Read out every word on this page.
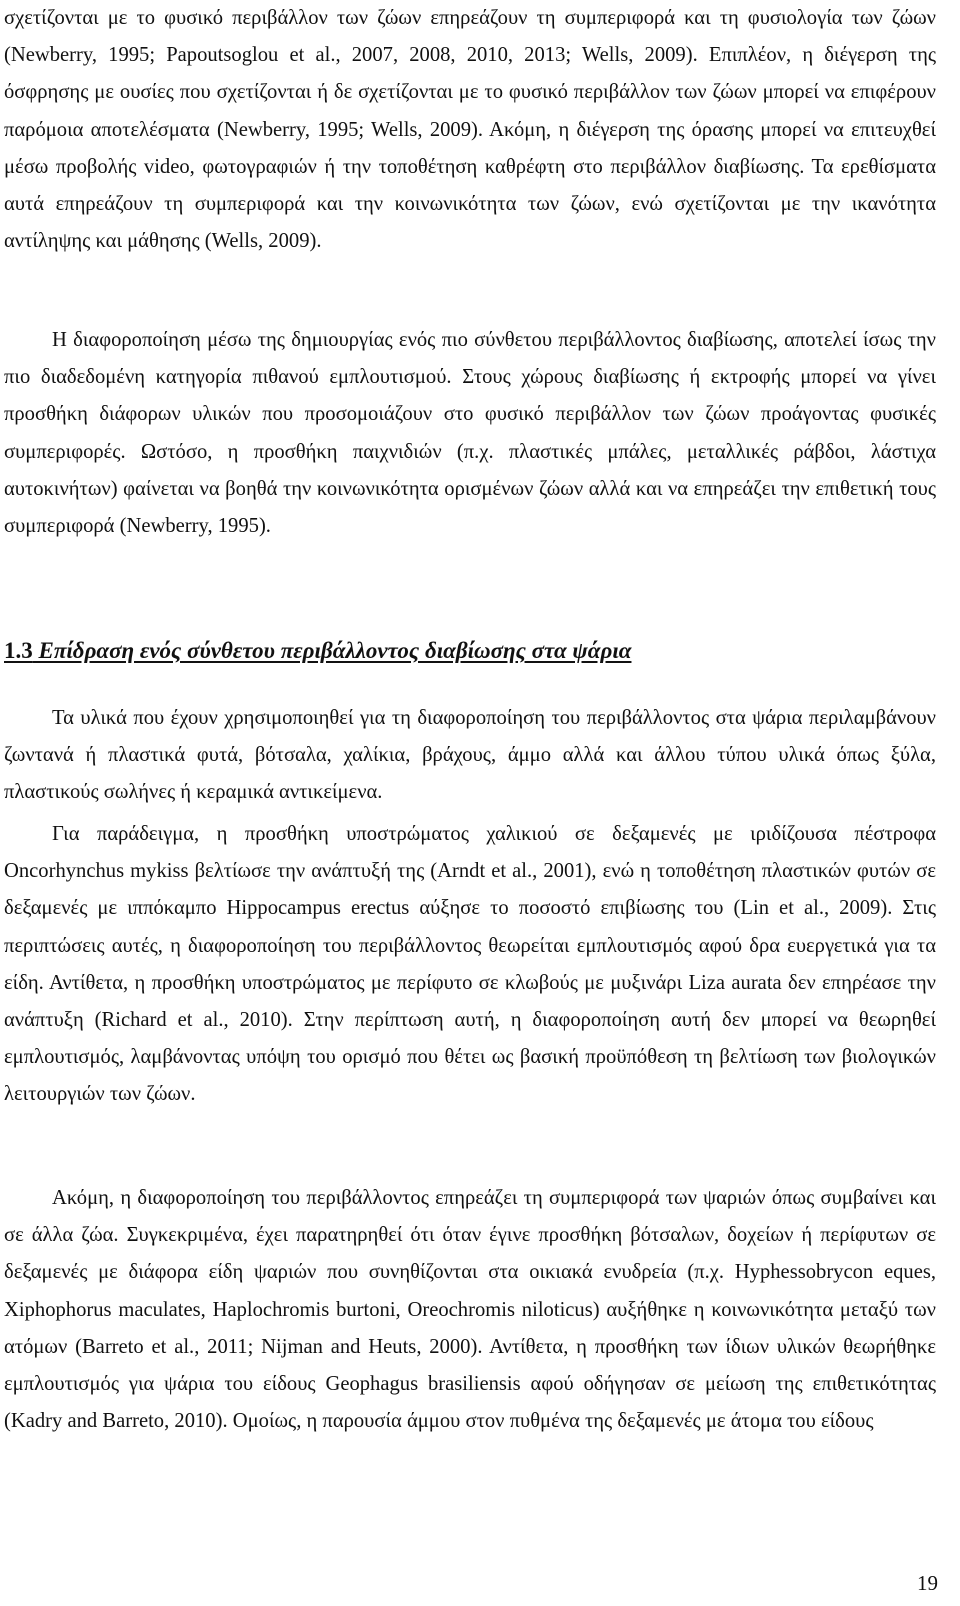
σχετίζονται με το φυσικό περιβάλλον των ζώων επηρεάζουν τη συμπεριφορά και τη φυσιολογία των ζώων (Newberry, 1995; Papoutsoglou et al., 2007, 2008, 2010, 2013; Wells, 2009). Επιπλέον, η διέγερση της όσφρησης με ουσίες που σχετίζονται ή δε σχετίζονται με το φυσικό περιβάλλον των ζώων μπορεί να επιφέρουν παρόμοια αποτελέσματα (Newberry, 1995; Wells, 2009). Ακόμη, η διέγερση της όρασης μπορεί να επιτευχθεί μέσω προβολής video, φωτογραφιών ή την τοποθέτηση καθρέφτη στο περιβάλλον διαβίωσης. Τα ερεθίσματα αυτά επηρεάζουν τη συμπεριφορά και την κοινωνικότητα των ζώων, ενώ σχετίζονται με την ικανότητα αντίληψης και μάθησης (Wells, 2009).

Η διαφοροποίηση μέσω της δημιουργίας ενός πιο σύνθετου περιβάλλοντος διαβίωσης, αποτελεί ίσως την πιο διαδεδομένη κατηγορία πιθανού εμπλουτισμού. Στους χώρους διαβίωσης ή εκτροφής μπορεί να γίνει προσθήκη διάφορων υλικών που προσομοιάζουν στο φυσικό περιβάλλον των ζώων προάγοντας φυσικές συμπεριφορές. Ωστόσο, η προσθήκη παιχνιδιών (π.χ. πλαστικές μπάλες, μεταλλικές ράβδοι, λάστιχα αυτοκινήτων) φαίνεται να βοηθά την κοινωνικότητα ορισμένων ζώων αλλά και να επηρεάζει την επιθετική τους συμπεριφορά (Newberry, 1995).

1.3 Επίδραση ενός σύνθετου περιβάλλοντος διαβίωσης στα ψάρια

Τα υλικά που έχουν χρησιμοποιηθεί για τη διαφοροποίηση του περιβάλλοντος στα ψάρια περιλαμβάνουν ζωντανά ή πλαστικά φυτά, βότσαλα, χαλίκια, βράχους, άμμο αλλά και άλλου τύπου υλικά όπως ξύλα, πλαστικούς σωλήνες ή κεραμικά αντικείμενα.

Για παράδειγμα, η προσθήκη υποστρώματος χαλικιού σε δεξαμενές με ιριδίζουσα πέστροφα Oncorhynchus mykiss βελτίωσε την ανάπτυξή της (Arndt et al., 2001), ενώ η τοποθέτηση πλαστικών φυτών σε δεξαμενές με ιππόκαμπο Hippocampus erectus αύξησε το ποσοστό επιβίωσης του (Lin et al., 2009). Στις περιπτώσεις αυτές, η διαφοροποίηση του περιβάλλοντος θεωρείται εμπλουτισμός αφού δρα ευεργετικά για τα είδη. Αντίθετα, η προσθήκη υποστρώματος με περίφυτο σε κλωβούς με μυξινάρι Liza aurata δεν επηρέασε την ανάπτυξη (Richard et al., 2010). Στην περίπτωση αυτή, η διαφοροποίηση αυτή δεν μπορεί να θεωρηθεί εμπλουτισμός, λαμβάνοντας υπόψη του ορισμό που θέτει ως βασική προϋπόθεση τη βελτίωση των βιολογικών λειτουργιών των ζώων.

Ακόμη, η διαφοροποίηση του περιβάλλοντος επηρεάζει τη συμπεριφορά των ψαριών όπως συμβαίνει και σε άλλα ζώα. Συγκεκριμένα, έχει παρατηρηθεί ότι όταν έγινε προσθήκη βότσαλων, δοχείων ή περίφυτων σε δεξαμενές με διάφορα είδη ψαριών που συνηθίζονται στα οικιακά ενυδρεία (π.χ. Hyphessobrycon eques, Xiphophorus maculates, Haplochromis burtoni, Oreochromis niloticus) αυξήθηκε η κοινωνικότητα μεταξύ των ατόμων (Barreto et al., 2011; Nijman and Heuts, 2000). Αντίθετα, η προσθήκη των ίδιων υλικών θεωρήθηκε εμπλουτισμός για ψάρια του είδους Geophagus brasiliensis αφού οδήγησαν σε μείωση της επιθετικότητας (Kadry and Barreto, 2010). Ομοίως, η παρουσία άμμου στον πυθμένα της δεξαμενές με άτομα του είδους

19
